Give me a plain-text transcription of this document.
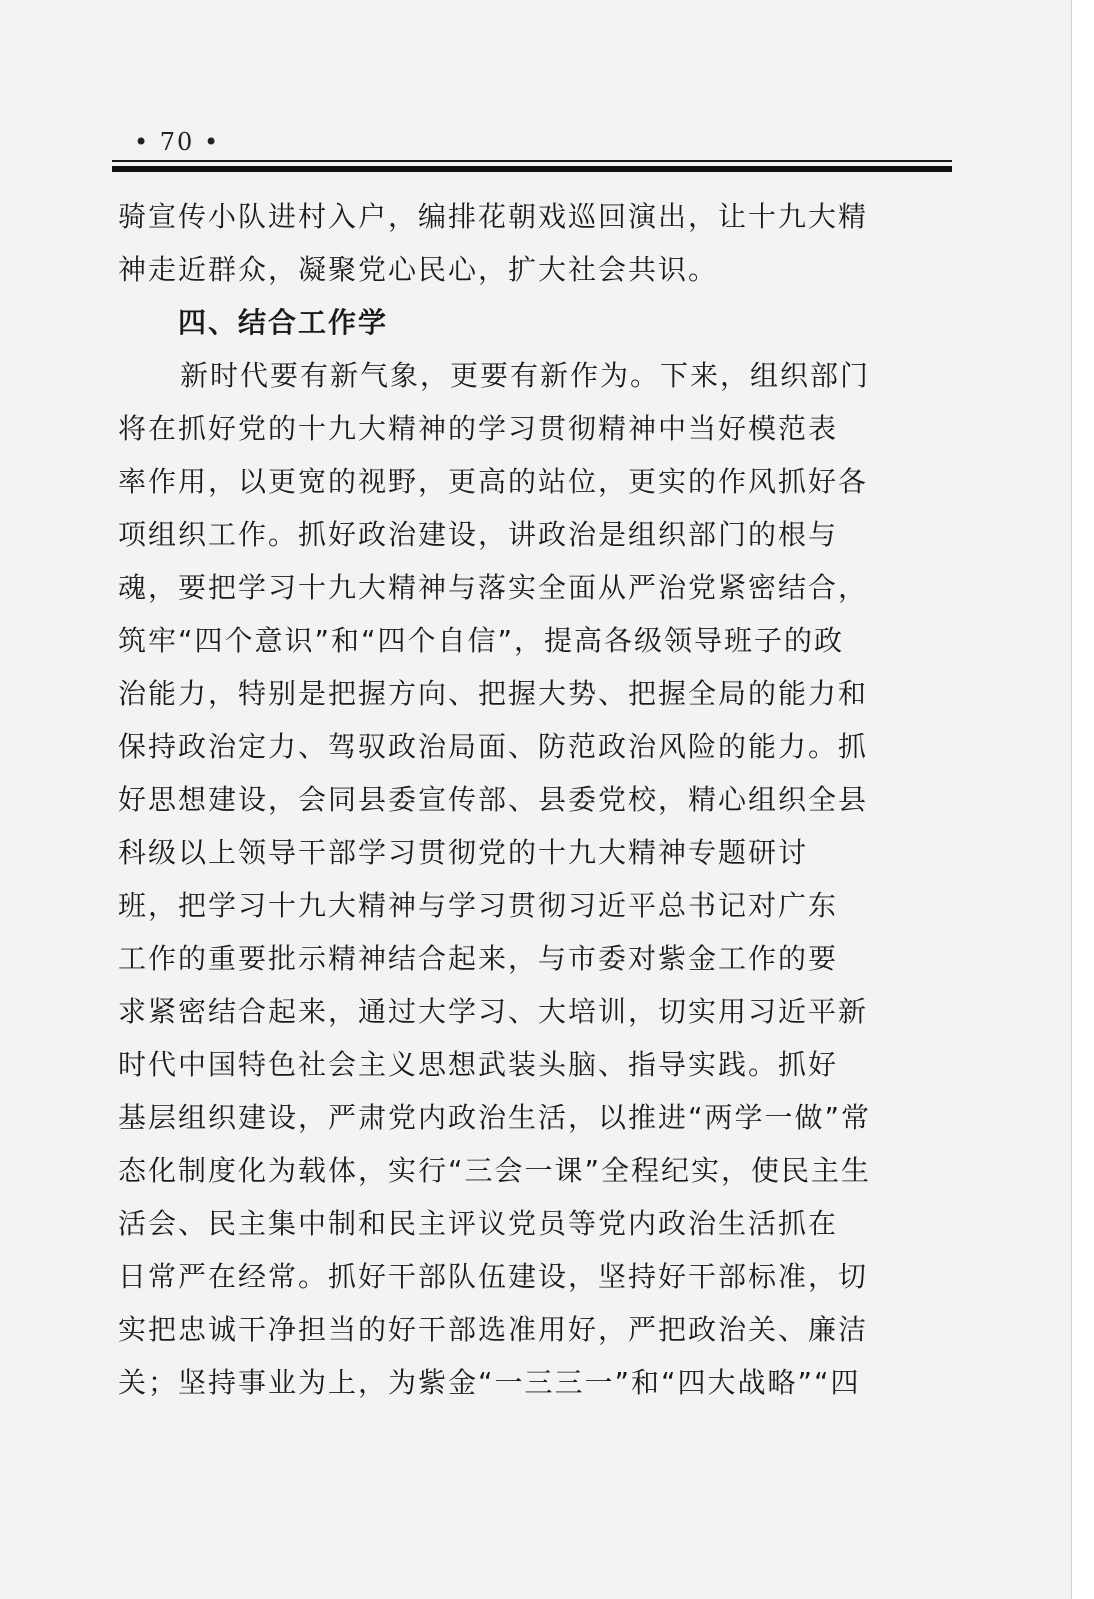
• 70 •
骑宣传小队进村入户，编排花朝戏巡回演出，让十九大精
神走近群众，凝聚党心民心，扩大社会共识。
四、结合工作学
新时代要有新气象，更要有新作为。下来，组织部门
将在抓好党的十九大精神的学习贯彻精神中当好模范表
率作用，以更宽的视野，更高的站位，更实的作风抓好各
项组织工作。抓好政治建设，讲政治是组织部门的根与
魂，要把学习十九大精神与落实全面从严治党紧密结合，
筑牢“四个意识”和“四个自信”，提高各级领导班子的政
治能力，特别是把握方向、把握大势、把握全局的能力和
保持政治定力、驾驭政治局面、防范政治风险的能力。抓
好思想建设，会同县委宣传部、县委党校，精心组织全县
科级以上领导干部学习贯彻党的十九大精神专题研讨
班，把学习十九大精神与学习贯彻习近平总书记对广东
工作的重要批示精神结合起来，与市委对紫金工作的要
求紧密结合起来，通过大学习、大培训，切实用习近平新
时代中国特色社会主义思想武装头脑、指导实践。抓好
基层组织建设，严肃党内政治生活，以推进“两学一做”常
态化制度化为载体，实行“三会一课”全程纪实，使民主生
活会、民主集中制和民主评议党员等党内政治生活抓在
日常严在经常。抓好干部队伍建设，坚持好干部标准，切
实把忠诚干净担当的好干部选准用好，严把政治关、廉洁
关；坚持事业为上，为紫金“一三三一”和“四大战略”“四
